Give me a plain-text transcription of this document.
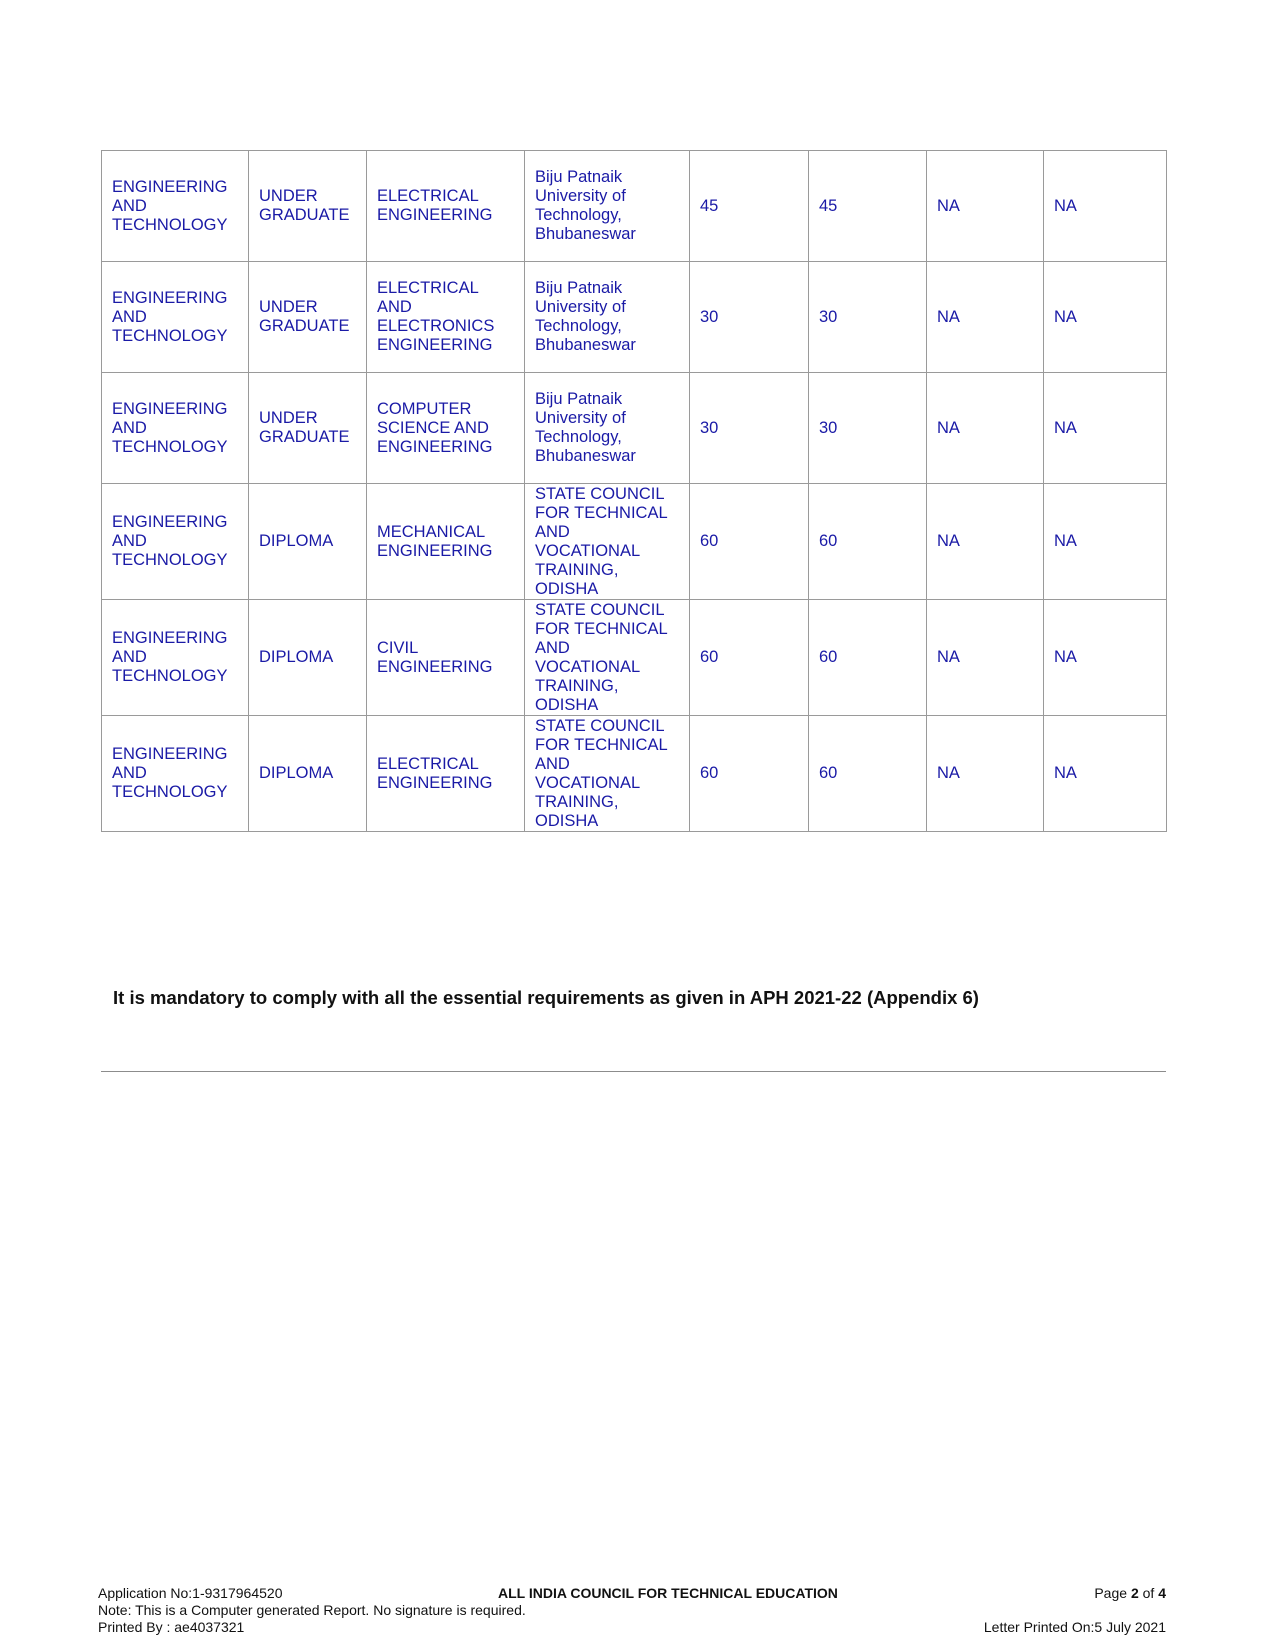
ENGINEERING AND TECHNOLOGY	UNDER GRADUATE	ELECTRICAL ENGINEERING	Biju Patnaik University of Technology, Bhubaneswar	45	45	NA	NA
ENGINEERING AND TECHNOLOGY	UNDER GRADUATE	ELECTRICAL AND ELECTRONICS ENGINEERING	Biju Patnaik University of Technology, Bhubaneswar	30	30	NA	NA
ENGINEERING AND TECHNOLOGY	UNDER GRADUATE	COMPUTER SCIENCE AND ENGINEERING	Biju Patnaik University of Technology, Bhubaneswar	30	30	NA	NA
ENGINEERING AND TECHNOLOGY	DIPLOMA	MECHANICAL ENGINEERING	STATE COUNCIL FOR TECHNICAL AND VOCATIONAL TRAINING, ODISHA	60	60	NA	NA
ENGINEERING AND TECHNOLOGY	DIPLOMA	CIVIL ENGINEERING	STATE COUNCIL FOR TECHNICAL AND VOCATIONAL TRAINING, ODISHA	60	60	NA	NA
ENGINEERING AND TECHNOLOGY	DIPLOMA	ELECTRICAL ENGINEERING	STATE COUNCIL FOR TECHNICAL AND VOCATIONAL TRAINING, ODISHA	60	60	NA	NA
It is mandatory to comply with all the essential requirements as given in APH 2021-22 (Appendix 6)
Application No:1-9317964520	ALL INDIA COUNCIL FOR TECHNICAL EDUCATION	Page 2 of 4
Note: This is a Computer generated Report. No signature is required.
Printed By : ae4037321	Letter Printed On:5 July 2021
